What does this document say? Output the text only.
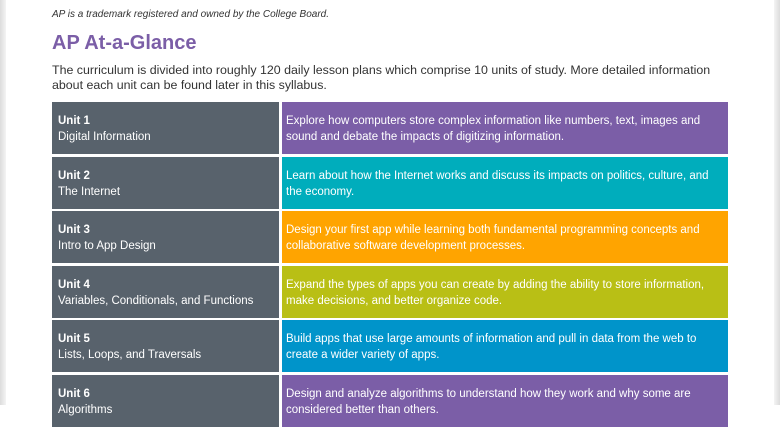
AP is a trademark registered and owned by the College Board.
AP At-a-Glance
The curriculum is divided into roughly 120 daily lesson plans which comprise 10 units of study. More detailed information about each unit can be found later in this syllabus.
Unit 1
Digital Information
Explore how computers store complex information like numbers, text, images and sound and debate the impacts of digitizing information.
Unit 2
The Internet
Learn about how the Internet works and discuss its impacts on politics, culture, and the economy.
Unit 3
Intro to App Design
Design your first app while learning both fundamental programming concepts and collaborative software development processes.
Unit 4
Variables, Conditionals, and Functions
Expand the types of apps you can create by adding the ability to store information, make decisions, and better organize code.
Unit 5
Lists, Loops, and Traversals
Build apps that use large amounts of information and pull in data from the web to create a wider variety of apps.
Unit 6
Algorithms
Design and analyze algorithms to understand how they work and why some are considered better than others.
